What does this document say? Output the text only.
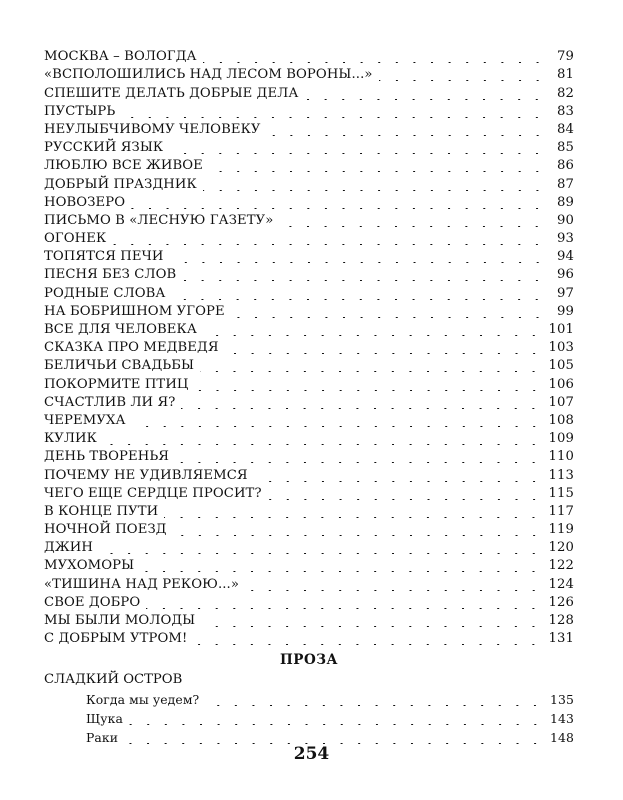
МОСКВА – ВОЛОГДА	79
«ВСПОЛОШИЛИСЬ НАД ЛЕСОМ ВОРОНЫ...»	81
СПЕШИТЕ ДЕЛАТЬ ДОБРЫЕ ДЕЛА	82
ПУСТЫРЬ	83
НЕУЛЫБЧИВОМУ ЧЕЛОВЕКУ	84
РУССКИЙ ЯЗЫК	85
ЛЮБЛЮ ВСЕ ЖИВОЕ	86
ДОБРЫЙ ПРАЗДНИК	87
НОВОЗЕРО	89
ПИСЬМО В «ЛЕСНУЮ ГАЗЕТУ»	90
ОГОНЕК	93
ТОПЯТСЯ ПЕЧИ	94
ПЕСНЯ БЕЗ СЛОВ	96
РОДНЫЕ СЛОВА	97
НА БОБРИШНОМ УГОРЕ	99
ВСЕ ДЛЯ ЧЕЛОВЕКА	101
СКАЗКА ПРО МЕДВЕДЯ	103
БЕЛИЧЬИ СВАДЬБЫ	105
ПОКОРМИТЕ ПТИЦ	106
СЧАСТЛИВ ЛИ Я?	107
ЧЕРЕМУХА	108
КУЛИК	109
ДЕНЬ ТВОРЕНЬЯ	110
ПОЧЕМУ НЕ УДИВЛЯЕМСЯ	113
ЧЕГО ЕЩЕ СЕРДЦЕ ПРОСИТ?	115
В КОНЦЕ ПУТИ	117
НОЧНОЙ ПОЕЗД	119
ДЖИН	120
МУХОМОРЫ	122
«ТИШИНА НАД РЕКОЮ...»	124
СВОЕ ДОБРО	126
МЫ БЫЛИ МОЛОДЫ	128
С ДОБРЫМ УТРОМ!	131
ПРОЗА
СЛАДКИЙ ОСТРОВ
Когда мы уедем?	135
Щука	143
Раки	148
254
